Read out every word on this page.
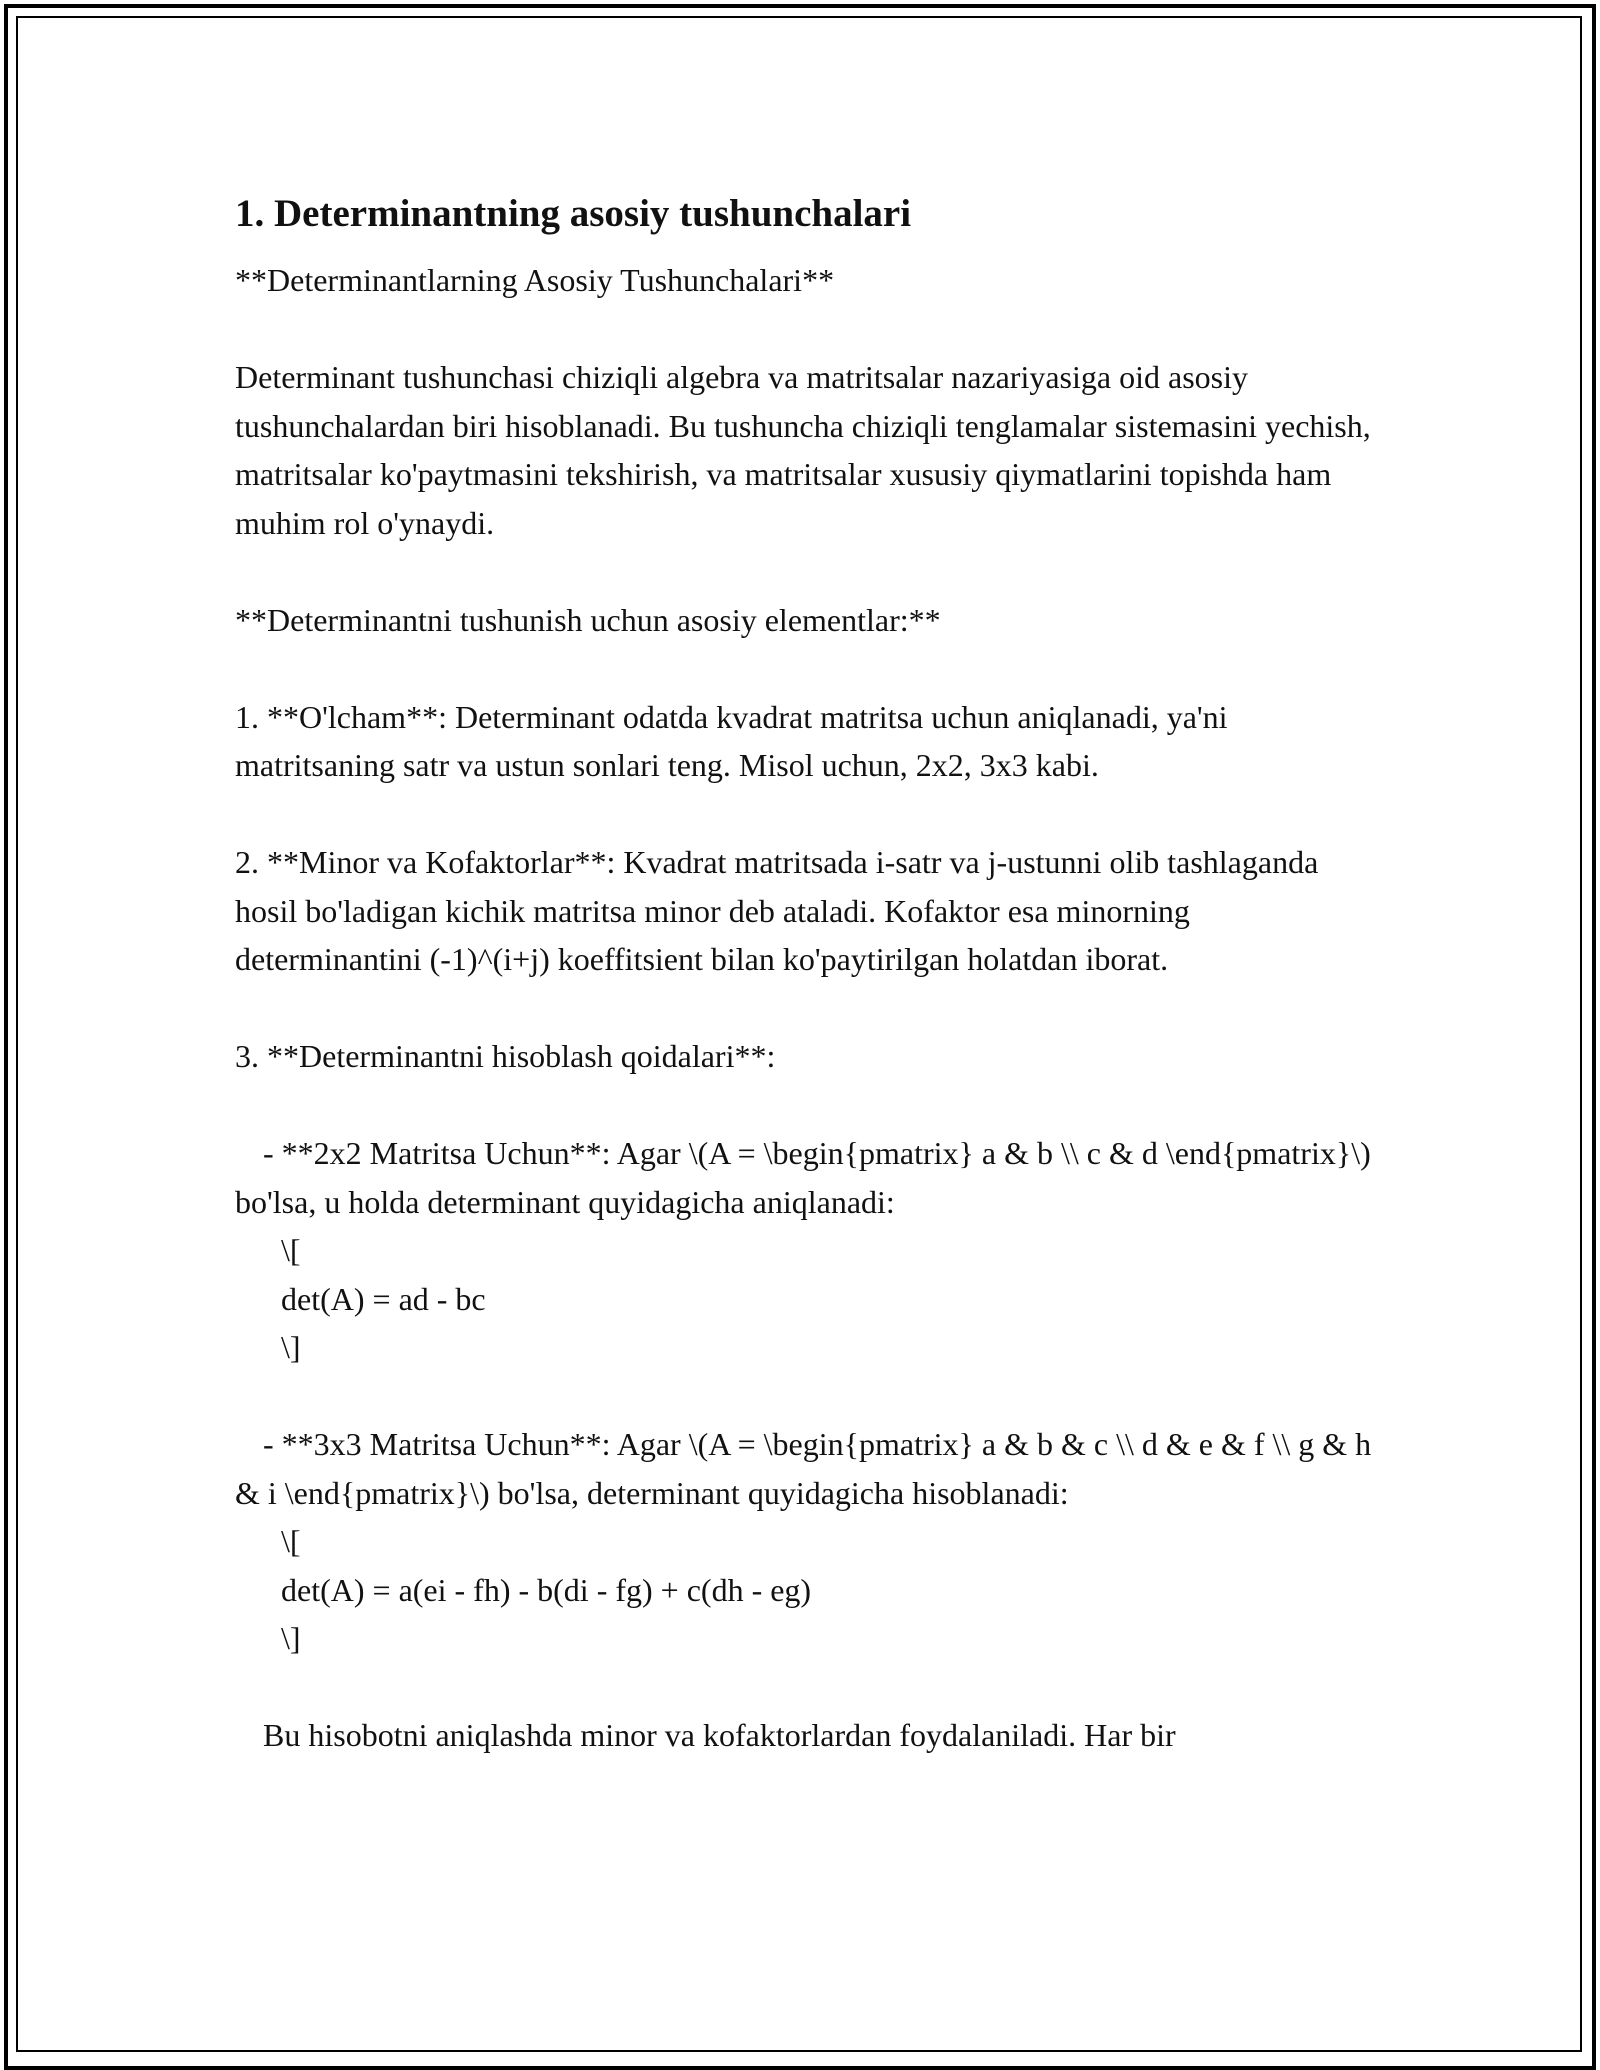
1. Determinantning asosiy tushunchalari

**Determinantlarning Asosiy Tushunchalari**

Determinant tushunchasi chiziqli algebra va matritsalar nazariyasiga oid asosiy tushunchalardan biri hisoblanadi. Bu tushuncha chiziqli tenglamalar sistemasini yechish, matritsalar ko'paytmasini tekshirish, va matritsalar xususiy qiymatlarini topishda ham muhim rol o'ynaydi.

**Determinantni tushunish uchun asosiy elementlar:**

1. **O'lcham**: Determinant odatda kvadrat matritsa uchun aniqlanadi, ya'ni matritsaning satr va ustun sonlari teng. Misol uchun, 2x2, 3x3 kabi.

2. **Minor va Kofaktorlar**: Kvadrat matritsada i-satr va j-ustunni olib tashlaganda hosil bo'ladigan kichik matritsa minor deb ataladi. Kofaktor esa minorning determinantini (-1)^(i+j) koeffitsient bilan ko'paytirilgan holatdan iborat.

3. **Determinantni hisoblash qoidalari**:

- **2x2 Matritsa Uchun**: Agar \(A = \begin{pmatrix} a & b \\ c & d \end{pmatrix}\) bo'lsa, u holda determinant quyidagicha aniqlanadi:

\[
det(A) = ad - bc
\]

- **3x3 Matritsa Uchun**: Agar \(A = \begin{pmatrix} a & b & c \\ d & e & f \\ g & h & i \end{pmatrix}\) bo'lsa, determinant quyidagicha hisoblanadi:

\[
det(A) = a(ei - fh) - b(di - fg) + c(dh - eg)
\]

Bu hisobotni aniqlashda minor va kofaktorlardan foydalaniladi. Har bir
